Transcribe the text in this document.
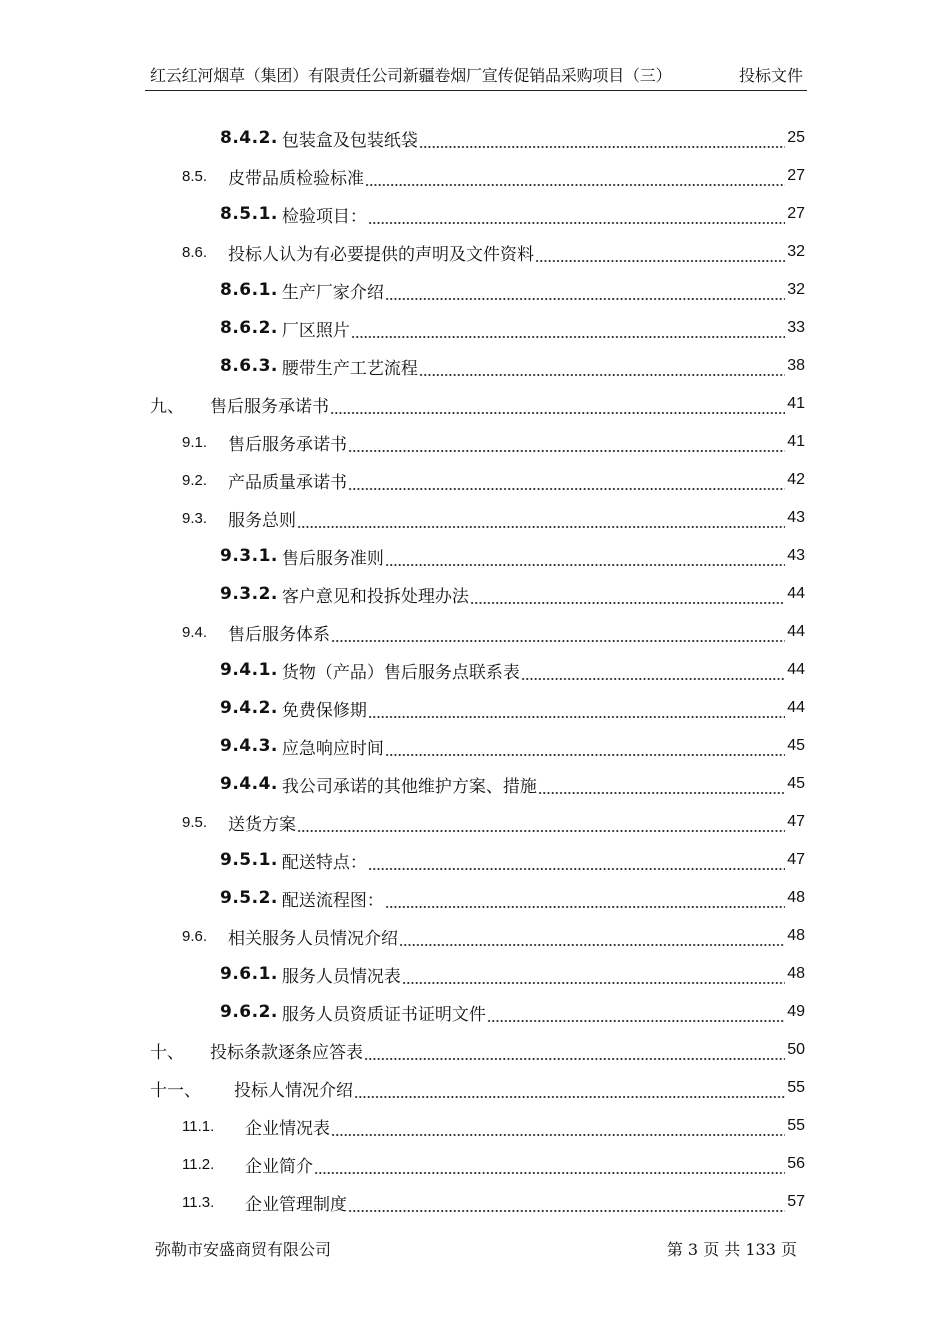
红云红河烟草（集团）有限责任公司新疆卷烟厂宣传促销品采购项目（三）	投标文件
8.4.2. 包装盒及包装纸袋	25
8.5.	皮带品质检验标准	27
8.5.1. 检验项目：	27
8.6.	投标人认为有必要提供的声明及文件资料	32
8.6.1. 生产厂家介绍	32
8.6.2. 厂区照片	33
8.6.3. 腰带生产工艺流程	38
九、	售后服务承诺书	41
9.1.	售后服务承诺书	41
9.2.	产品质量承诺书	42
9.3.	服务总则	43
9.3.1. 售后服务准则	43
9.3.2. 客户意见和投拆处理办法	44
9.4.	售后服务体系	44
9.4.1. 货物（产品）售后服务点联系表	44
9.4.2. 免费保修期	44
9.4.3. 应急响应时间	45
9.4.4. 我公司承诺的其他维护方案、措施	45
9.5.	送货方案	47
9.5.1. 配送特点：	47
9.5.2. 配送流程图：	48
9.6.	相关服务人员情况介绍	48
9.6.1. 服务人员情况表	48
9.6.2. 服务人员资质证书证明文件	49
十、	投标条款逐条应答表	50
十一、	投标人情况介绍	55
11.1.	企业情况表	55
11.2.	企业简介	56
11.3.	企业管理制度	57
弥勒市安盛商贸有限公司	第 3 页 共 133 页
